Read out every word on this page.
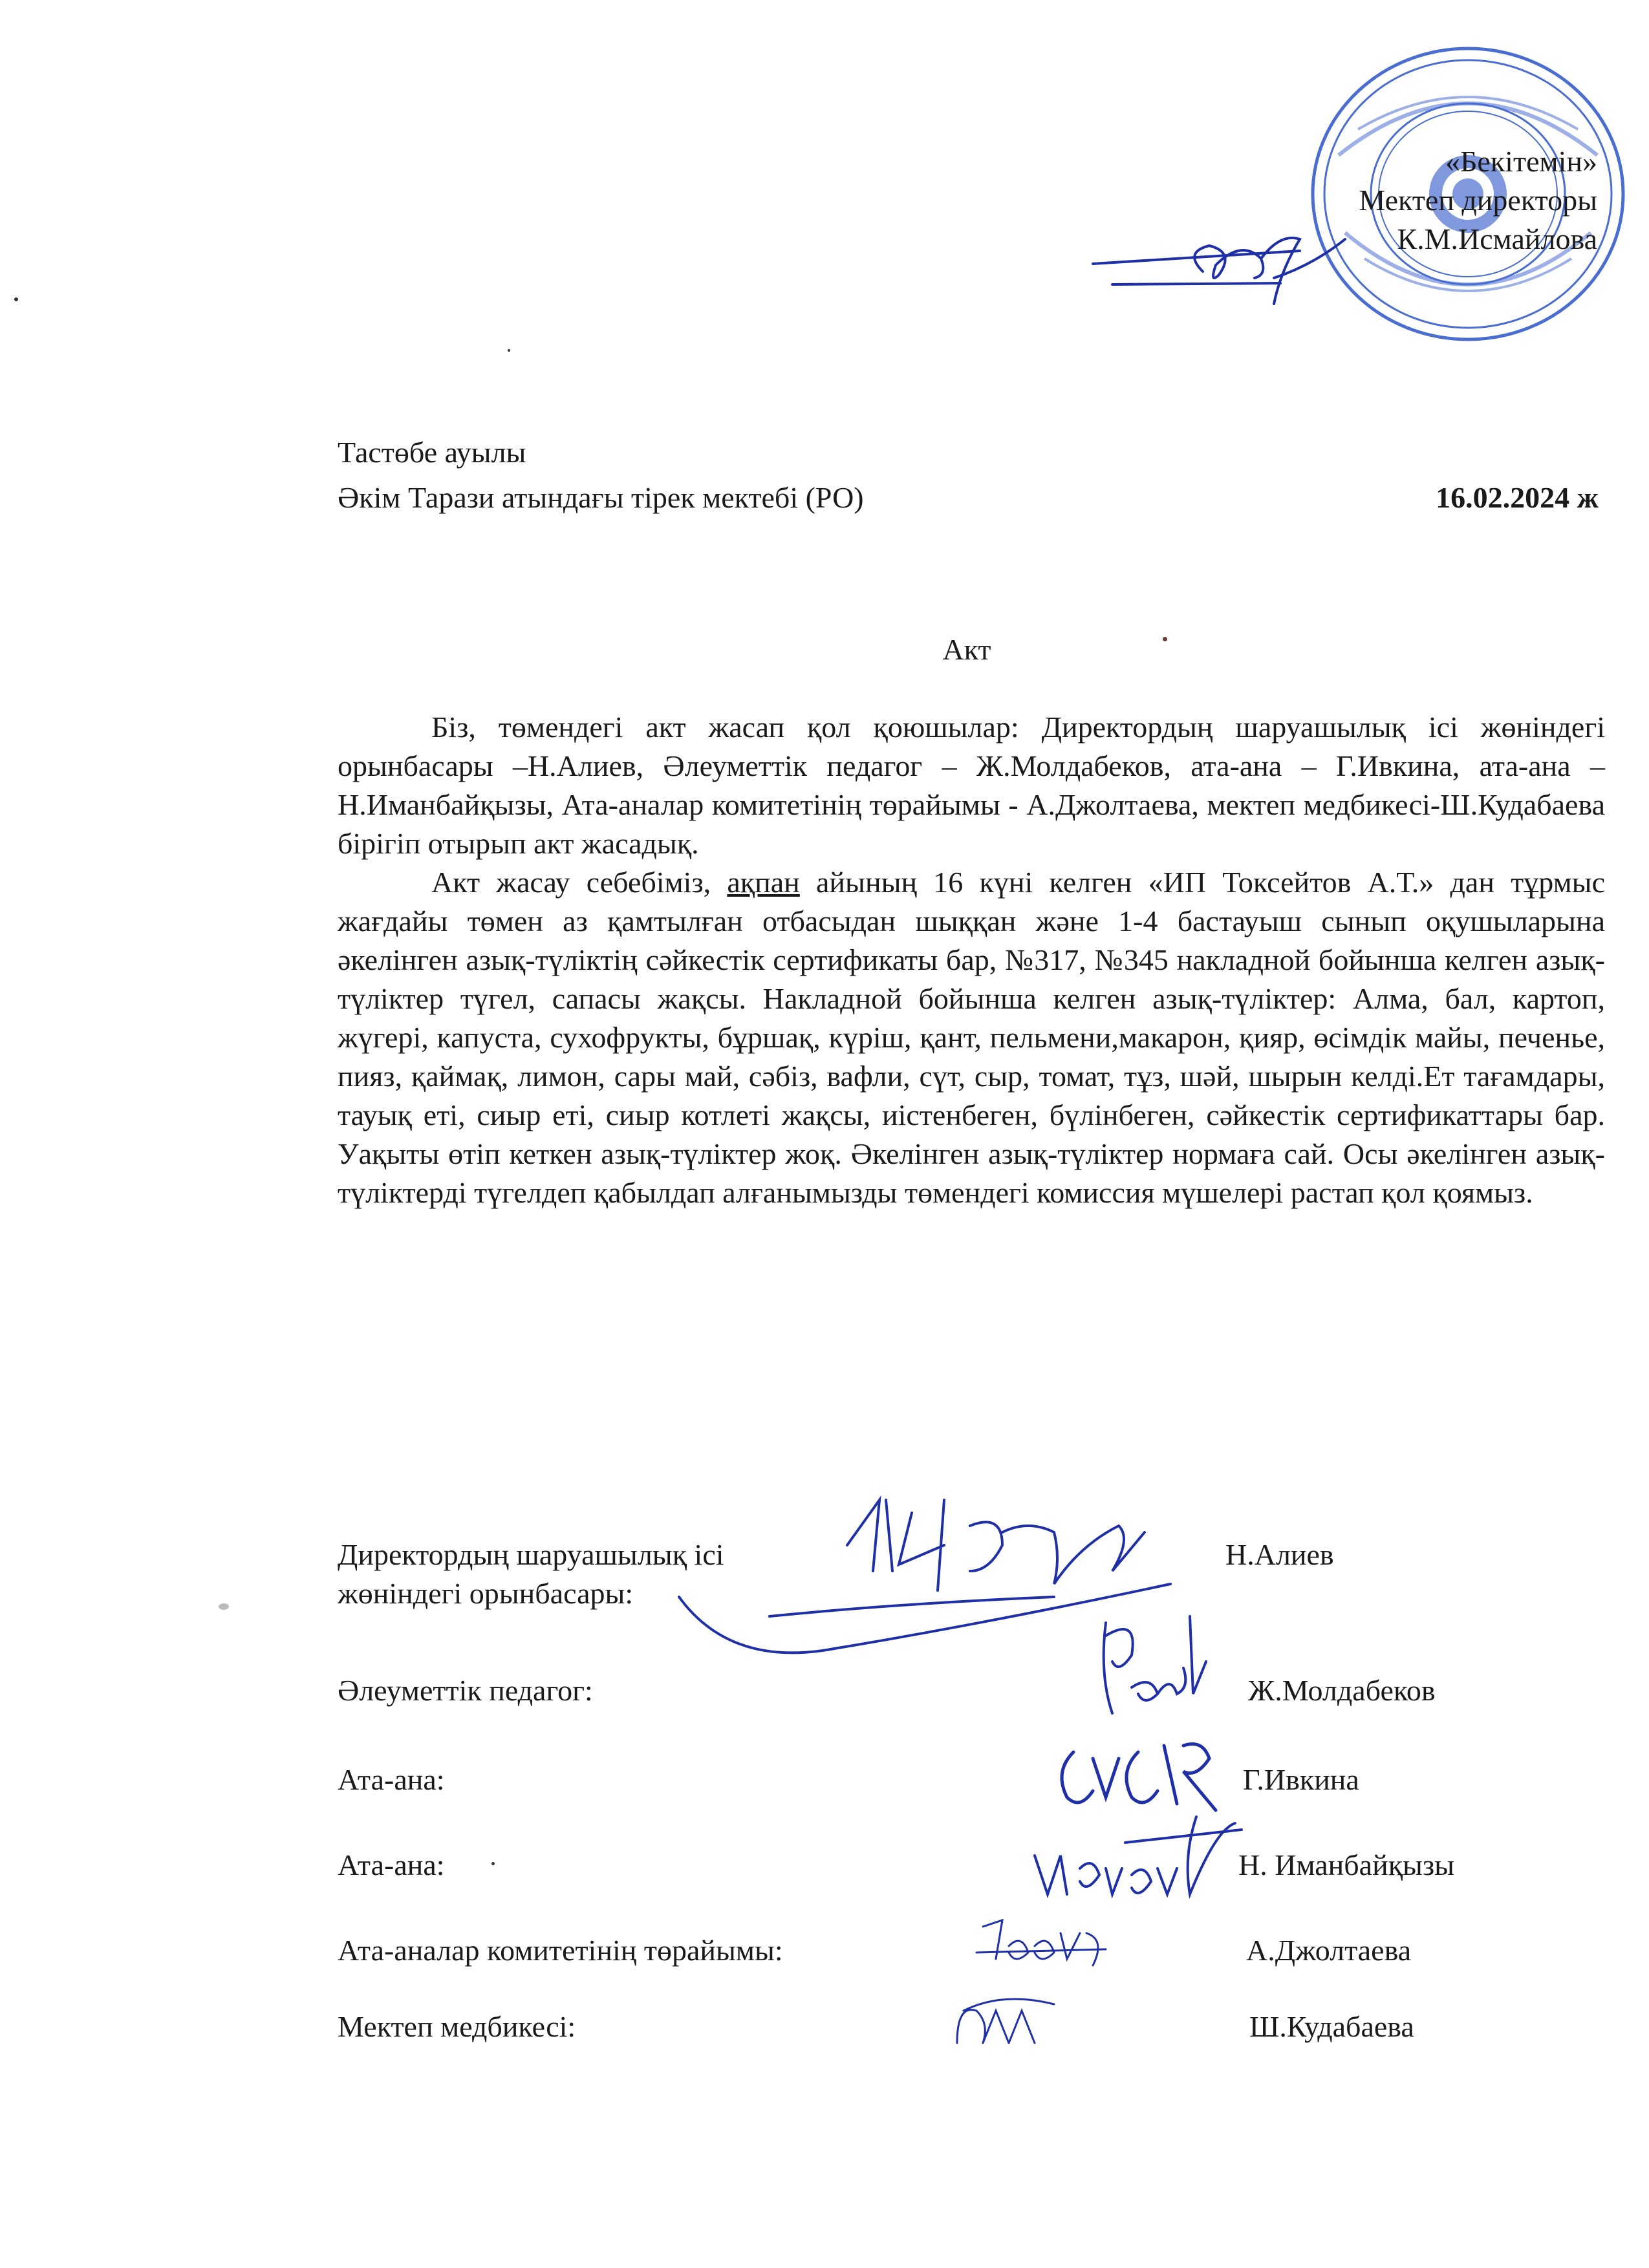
«Бекітемін»
Мектеп директоры
К.М.Исмайлова
Тастөбе ауылы
Әкім Тарази атындағы тірек мектебі (РО)	16.02.2024 ж
Акт

Біз, төмендегі акт жасап қол қоюшылар: Директордың шаруашылық ісі жөніндегі орынбасары –Н.Алиев, Әлеуметтік педагог – Ж.Молдабеков, ата-ана – Г.Ивкина, ата-ана –Н.Иманбайқызы, Ата-аналар комитетінің төрайымы - А.Джолтаева, мектеп медбикесі-Ш.Кудабаева бірігіп отырып акт жасадық.

Акт жасау себебіміз, ақпан айының 16 күні келген «ИП Токсейтов А.Т.» дан тұрмыс жағдайы төмен аз қамтылған отбасыдан шыққан және 1-4 бастауыш сынып оқушыларына әкелінген азық-түліктің сәйкестік сертификаты бар, №317, №345 накладной бойынша келген азық-түліктер түгел, сапасы жақсы. Накладной бойынша келген азық-түліктер: Алма, бал, картоп, жүгері, капуста, сухофрукты, бұршақ, күріш, қант, пельмени,макарон, қияр, өсімдік майы, печенье, пияз, қаймақ, лимон, сары май, сәбіз, вафли, сүт, сыр, томат, тұз, шәй, шырын келді.Ет тағамдары, тауық еті, сиыр еті, сиыр котлеті жақсы, иістенбеген, бүлінбеген, сәйкестік сертификаттары бар. Уақыты өтіп кеткен азық-түліктер жоқ. Әкелінген азық-түліктер нормаға сай. Осы әкелінген азық-түліктерді түгелдеп қабылдап алғанымызды төмендегі комиссия мүшелері растап қол қоямыз.

Директордың шаруашылық ісі
жөніндегі орынбасары:
Н.Алиев
Әлеуметтік педагог:	Ж.Молдабеков
Ата-ана:	Г.Ивкина
Ата-ана:	Н. Иманбайқызы
Ата-аналар комитетінің төрайымы:	А.Джолтаева
Мектеп медбикесі:	Ш.Кудабаева
